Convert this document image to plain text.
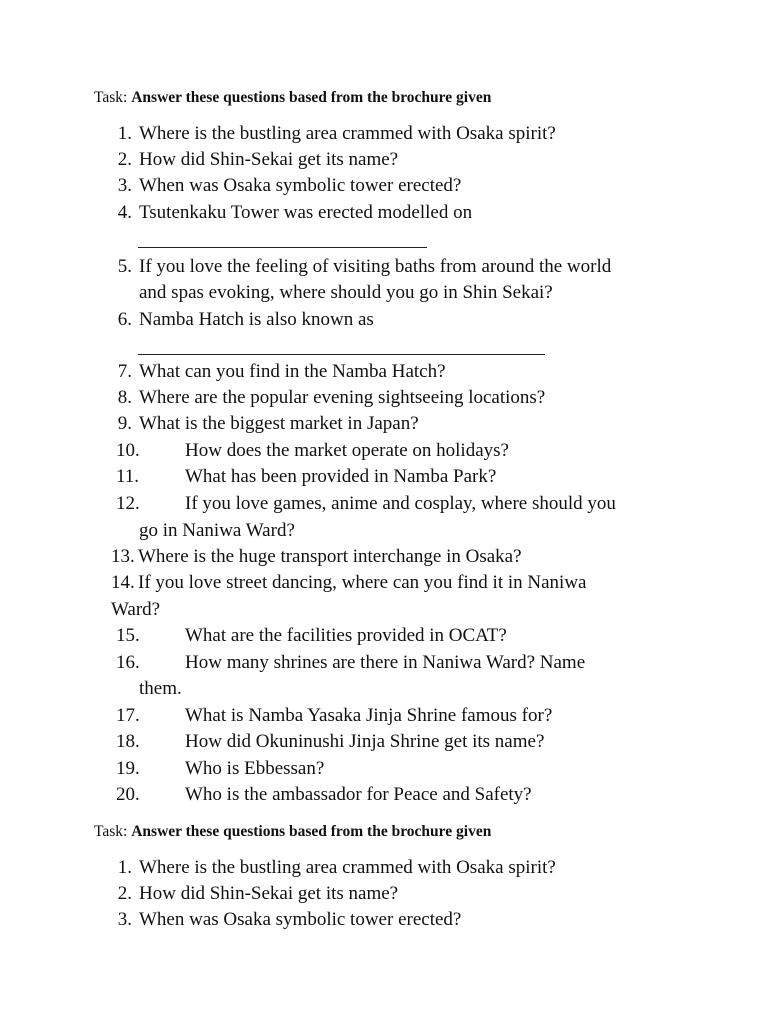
Task: Answer these questions based from the brochure given
1. Where is the bustling area crammed with Osaka spirit?
2. How did Shin-Sekai get its name?
3. When was Osaka symbolic tower erected?
4. Tsutenkaku Tower was erected modelled on
5. If you love the feeling of visiting baths from around the world
and spas evoking, where should you go in Shin Sekai?
6. Namba Hatch is also known as
7. What can you find in the Namba Hatch?
8. Where are the popular evening sightseeing locations?
9. What is the biggest market in Japan?
10.	How does the market operate on holidays?
11.	What has been provided in Namba Park?
12.	If you love games, anime and cosplay, where should you
go in Naniwa Ward?
13. Where is the huge transport interchange in Osaka?
14. If you love street dancing, where can you find it in Naniwa
Ward?
15.	What are the facilities provided in OCAT?
16.	How many shrines are there in Naniwa Ward? Name
them.
17.	What is Namba Yasaka Jinja Shrine famous for?
18.	How did Okuninushi Jinja Shrine get its name?
19.	Who is Ebbessan?
20.	Who is the ambassador for Peace and Safety?
Task: Answer these questions based from the brochure given
1. Where is the bustling area crammed with Osaka spirit?
2. How did Shin-Sekai get its name?
3. When was Osaka symbolic tower erected?
